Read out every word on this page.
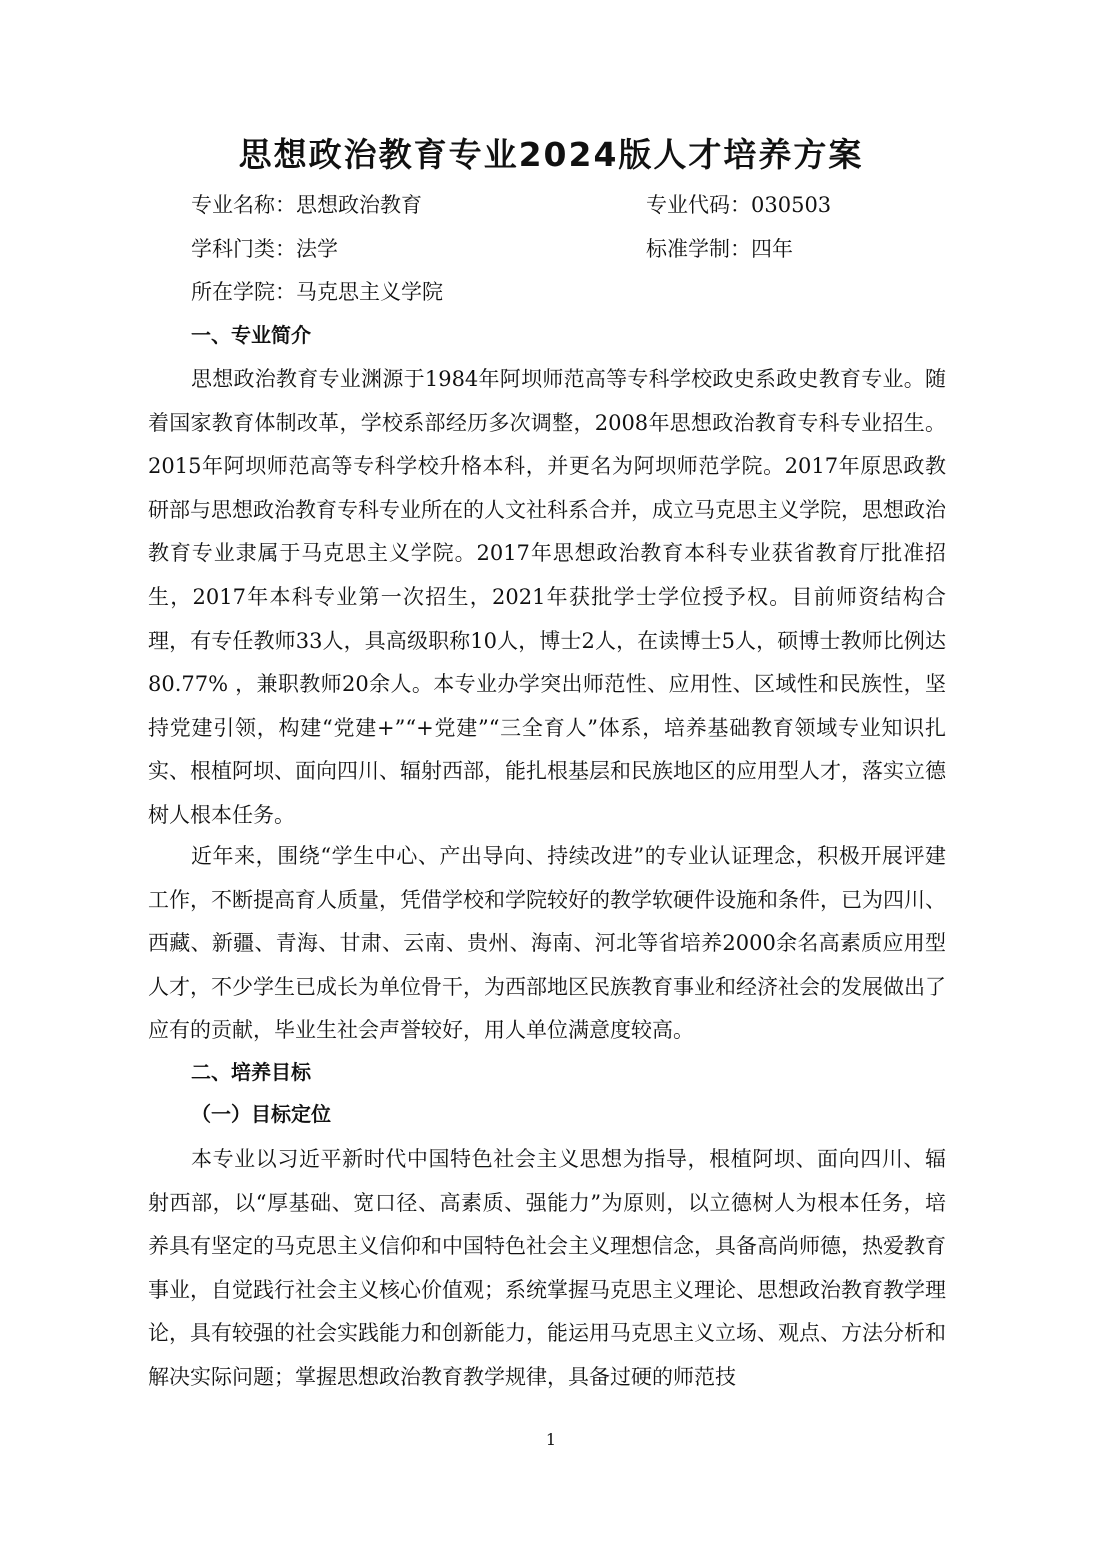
思想政治教育专业2024版人才培养方案
专业名称：思想政治教育	专业代码：030503
学科门类：法学	标准学制：四年
所在学院：马克思主义学院
一、专业简介

思想政治教育专业渊源于1984年阿坝师范高等专科学校政史系政史教育专业。随着国家教育体制改革，学校系部经历多次调整，2008年思想政治教育专科专业招生。2015年阿坝师范高等专科学校升格本科，并更名为阿坝师范学院。2017年原思政教研部与思想政治教育专科专业所在的人文社科系合并，成立马克思主义学院，思想政治教育专业隶属于马克思主义学院。2017年思想政治教育本科专业获省教育厅批准招生，2017年本科专业第一次招生，2021年获批学士学位授予权。目前师资结构合理，有专任教师33人，具高级职称10人，博士2人，在读博士5人，硕博士教师比例达80.77% ，兼职教师20余人。本专业办学突出师范性、应用性、区域性和民族性，坚持党建引领，构建“党建+”“+党建”“三全育人”体系，培养基础教育领域专业知识扎实、根植阿坝、面向四川、辐射西部，能扎根基层和民族地区的应用型人才，落实立德树人根本任务。

近年来，围绕“学生中心、产出导向、持续改进”的专业认证理念，积极开展评建工作，不断提高育人质量，凭借学校和学院较好的教学软硬件设施和条件，已为四川、西藏、新疆、青海、甘肃、云南、贵州、海南、河北等省培养2000余名高素质应用型人才，不少学生已成长为单位骨干，为西部地区民族教育事业和经济社会的发展做出了应有的贡献，毕业生社会声誉较好，用人单位满意度较高。

二、培养目标
（一）目标定位

本专业以习近平新时代中国特色社会主义思想为指导，根植阿坝、面向四川、辐射西部，以“厚基础、宽口径、高素质、强能力”为原则，以立德树人为根本任务，培养具有坚定的马克思主义信仰和中国特色社会主义理想信念，具备高尚师德，热爱教育事业，自觉践行社会主义核心价值观；系统掌握马克思主义理论、思想政治教育教学理论，具有较强的社会实践能力和创新能力，能运用马克思主义立场、观点、方法分析和解决实际问题；掌握思想政治教育教学规律，具备过硬的师范技

1
